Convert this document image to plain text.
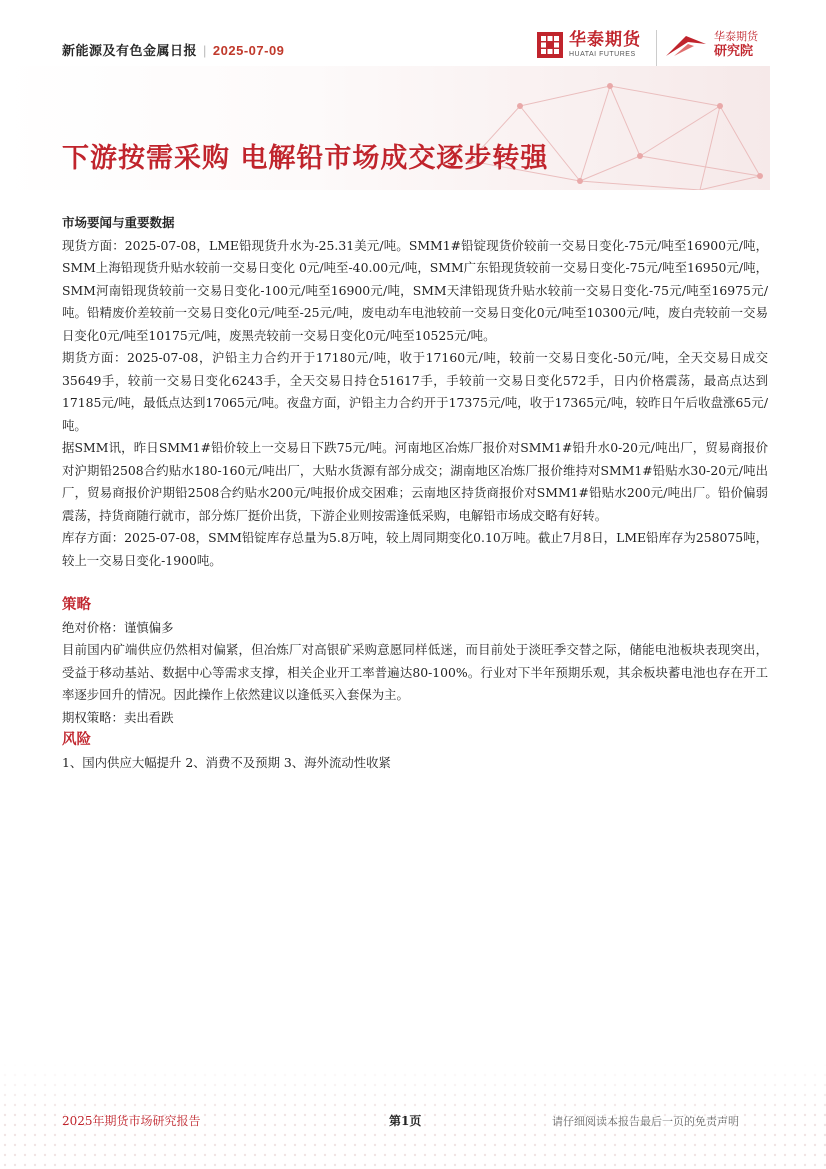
新能源及有色金属日报 | 2025-07-09
华泰期货
HUATAI FUTURES
华泰期货
研究院
下游按需采购 电解铅市场成交逐步转强

市场要闻与重要数据

现货方面：2025-07-08，LME铅现货升水为-25.31美元/吨。SMM1#铅锭现货价较前一交易日变化-75元/吨至16900元/吨，SMM上海铅现货升贴水较前一交易日变化 0元/吨至-40.00元/吨，SMM广东铅现货较前一交易日变化-75元/吨至16950元/吨，SMM河南铅现货较前一交易日变化-100元/吨至16900元/吨，SMM天津铅现货升贴水较前一交易日变化-75元/吨至16975元/吨。铅精废价差较前一交易日变化0元/吨至-25元/吨，废电动车电池较前一交易日变化0元/吨至10300元/吨，废白壳较前一交易日变化0元/吨至10175元/吨，废黑壳较前一交易日变化0元/吨至10525元/吨。

期货方面：2025-07-08，沪铅主力合约开于17180元/吨，收于17160元/吨，较前一交易日变化-50元/吨，全天交易日成交35649手，较前一交易日变化6243手，全天交易日持仓51617手，手较前一交易日变化572手，日内价格震荡，最高点达到17185元/吨，最低点达到17065元/吨。夜盘方面，沪铅主力合约开于17375元/吨，收于17365元/吨，较昨日午后收盘涨65元/吨。

据SMM讯，昨日SMM1#铅价较上一交易日下跌75元/吨。河南地区冶炼厂报价对SMM1#铅升水0-20元/吨出厂，贸易商报价对沪期铅2508合约贴水180-160元/吨出厂，大贴水货源有部分成交；湖南地区冶炼厂报价维持对SMM1#铅贴水30-20元/吨出厂，贸易商报价沪期铅2508合约贴水200元/吨报价成交困难；云南地区持货商报价对SMM1#铅贴水200元/吨出厂。铅价偏弱震荡，持货商随行就市，部分炼厂挺价出货，下游企业则按需逢低采购，电解铅市场成交略有好转。

库存方面：2025-07-08，SMM铅锭库存总量为5.8万吨，较上周同期变化0.10万吨。截止7月8日，LME铅库存为258075吨，较上一交易日变化-1900吨。

策略

绝对价格：谨慎偏多

目前国内矿端供应仍然相对偏紧，但冶炼厂对高银矿采购意愿同样低迷，而目前处于淡旺季交替之际，储能电池板块表现突出，受益于移动基站、数据中心等需求支撑，相关企业开工率普遍达80-100%。行业对下半年预期乐观，其余板块蓄电池也存在开工率逐步回升的情况。因此操作上依然建议以逢低买入套保为主。

期权策略：卖出看跌

风险

1、国内供应大幅提升 2、消费不及预期 3、海外流动性收紧

2025年期货市场研究报告	第1页	请仔细阅读本报告最后一页的免责声明
